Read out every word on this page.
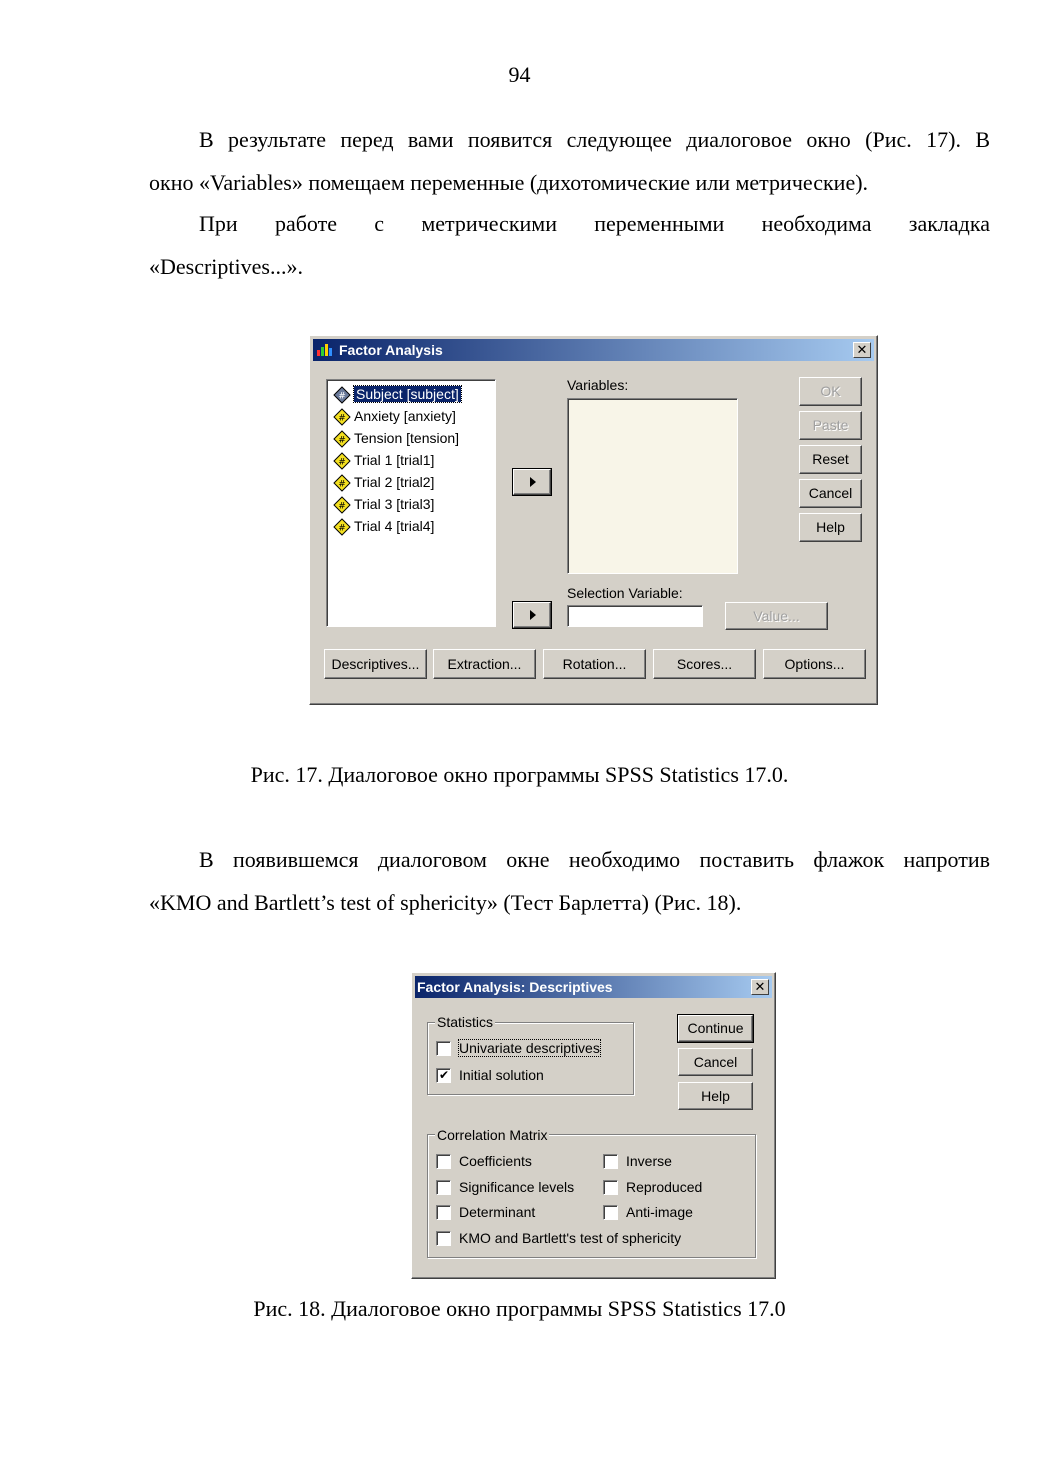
94

В результате перед вами появится следующее диалоговое окно (Рис. 17). В
окно «Variables» помещаем переменные (дихотомические или метрические).

При работе с метрическими переменными необходима закладка
«Descriptives...».

Factor Analysis	✕
# Subject [subject]
# Anxiety [anxiety]
# Tension [tension]
# Trial 1 [trial1]
# Trial 2 [trial2]
# Trial 3 [trial3]
# Trial 4 [trial4]
Variables:
Selection Variable:
Value...
OK
Paste
Reset
Cancel
Help
Descriptives...	Extraction...	Rotation...	Scores...	Options...
Рис. 17. Диалоговое окно программы SPSS Statistics 17.0.

В появившемся диалоговом окне необходимо поставить флажок напротив
«KMO and Bartlett’s test of sphericity» (Тест Барлетта) (Рис. 18).

Factor Analysis: Descriptives	✕
Statistics
Univariate descriptives
✔ Initial solution
Continue
Cancel
Help
Correlation Matrix
Coefficients
Significance levels
Determinant
KMO and Bartlett's test of sphericity
Inverse
Reproduced
Anti-image
Рис. 18. Диалоговое окно программы SPSS Statistics 17.0
